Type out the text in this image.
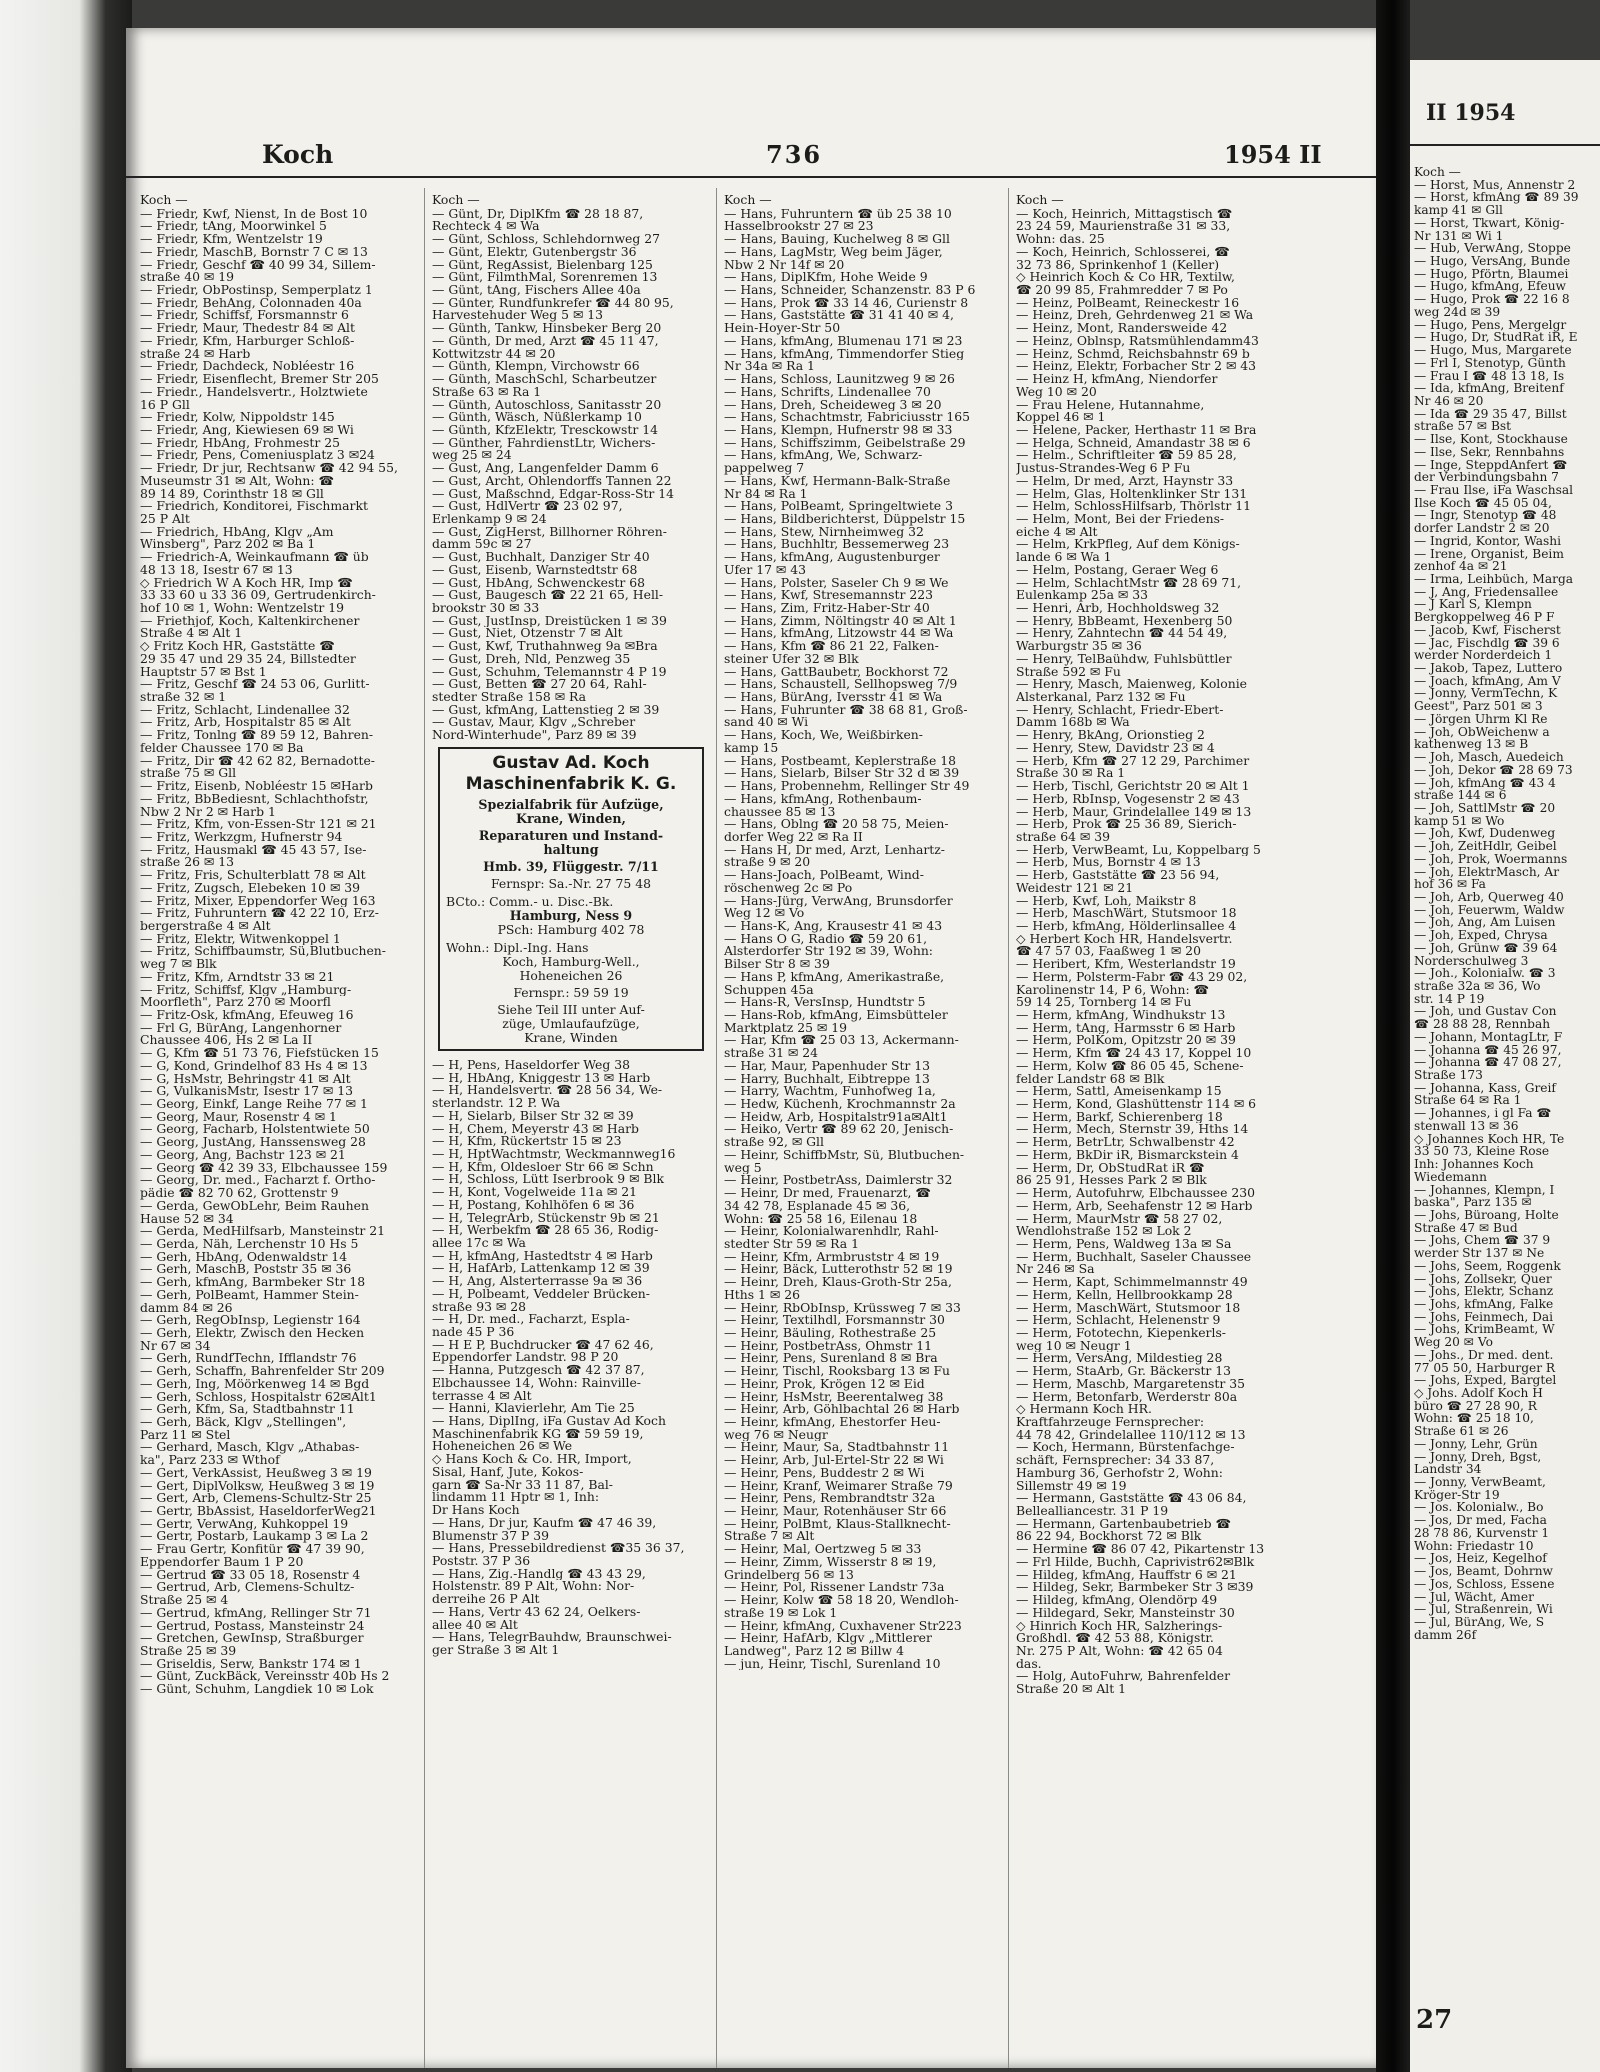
Koch	736	1954 II
Koch —
— Friedr, Kwf, Nienst, In de Bost 10
— Friedr, tAng, Moorwinkel 5
— Friedr, Kfm, Wentzelstr 19
— Friedr, MaschB, Bornstr 7 C ✉ 13
— Friedr, Geschf ☎ 40 99 34, Sillem-
straße 40 ✉ 19
— Friedr, ObPostinsp, Semperplatz 1
— Friedr, BehAng, Colonnaden 40a
— Friedr, Schiffsf, Forsmannstr 6
— Friedr, Maur, Thedestr 84 ✉ Alt
— Friedr, Kfm, Harburger Schloß-
straße 24 ✉ Harb
— Friedr, Dachdeck, Nobléestr 16
— Friedr, Eisenflecht, Bremer Str 205
— Friedr., Handelsvertr., Holztwiete
16 P Gll
— Friedr, Kolw, Nippoldstr 145
— Friedr, Ang, Kiewiesen 69 ✉ Wi
— Friedr, HbAng, Frohmestr 25
— Friedr, Pens, Comeniusplatz 3 ✉24
— Friedr, Dr jur, Rechtsanw ☎ 42 94 55,
Museumstr 31 ✉ Alt, Wohn: ☎
89 14 89, Corinthstr 18 ✉ Gll
— Friedrich, Konditorei, Fischmarkt
25 P Alt
— Friedrich, HbAng, Klgv „Am
Winsberg", Parz 202 ✉ Ba 1
— Friedrich-A, Weinkaufmann ☎ üb
48 13 18, Isestr 67 ✉ 13
◇ Friedrich W A Koch HR, Imp ☎
33 33 60 u 33 36 09, Gertrudenkirch-
hof 10 ✉ 1, Wohn: Wentzelstr 19
— Friethjof, Koch, Kaltenkirchener
Straße 4 ✉ Alt 1
◇ Fritz Koch HR, Gaststätte ☎
29 35 47 und 29 35 24, Billstedter
Hauptstr 57 ✉ Bst 1
— Fritz, Geschf ☎ 24 53 06, Gurlitt-
straße 32 ✉ 1
— Fritz, Schlacht, Lindenallee 32
— Fritz, Arb, Hospitalstr 85 ✉ Alt
— Fritz, Tonlng ☎ 89 59 12, Bahren-
felder Chaussee 170 ✉ Ba
— Fritz, Dir ☎ 42 62 82, Bernadotte-
straße 75 ✉ Gll
— Fritz, Eisenb, Nobléestr 15 ✉Harb
— Fritz, BbBediesnt, Schlachthofstr,
Nbw 2 Nr 2 ✉ Harb 1
— Fritz, Kfm, von-Essen-Str 121 ✉ 21
— Fritz, Werkzgm, Hufnerstr 94
— Fritz, Hausmakl ☎ 45 43 57, Ise-
straße 26 ✉ 13
— Fritz, Fris, Schulterblatt 78 ✉ Alt
— Fritz, Zugsch, Elebeken 10 ✉ 39
— Fritz, Mixer, Eppendorfer Weg 163
— Fritz, Fuhruntern ☎ 42 22 10, Erz-
bergerstraße 4 ✉ Alt
— Fritz, Elektr, Witwenkoppel 1
— Fritz, Schiffbaumstr, Sü,Blutbuchen-
weg 7 ✉ Blk
— Fritz, Kfm, Arndtstr 33 ✉ 21
— Fritz, Schiffsf, Klgv „Hamburg-
Moorfleth", Parz 270 ✉ Moorfl
— Fritz-Osk, kfmAng, Efeuweg 16
— Frl G, BürAng, Langenhorner
Chaussee 406, Hs 2 ✉ La II
— G, Kfm ☎ 51 73 76, Fiefstücken 15
— G, Kond, Grindelhof 83 Hs 4 ✉ 13
— G, HsMstr, Behringstr 41 ✉ Alt
— G, VulkanisMstr, Isestr 17 ✉ 13
— Georg, Einkf, Lange Reihe 77 ✉ 1
— Georg, Maur, Rosenstr 4 ✉ 1
— Georg, Facharb, Holstentwiete 50
— Georg, JustAng, Hanssensweg 28
— Georg, Ang, Bachstr 123 ✉ 21
— Georg ☎ 42 39 33, Elbchaussee 159
— Georg, Dr. med., Facharzt f. Ortho-
pädie ☎ 82 70 62, Grottenstr 9
— Gerda, GewObLehr, Beim Rauhen
Hause 52 ✉ 34
— Gerda, MedHilfsarb, Mansteinstr 21
— Gerda, Näh, Lerchenstr 10 Hs 5
— Gerh, HbAng, Odenwaldstr 14
— Gerh, MaschB, Poststr 35 ✉ 36
— Gerh, kfmAng, Barmbeker Str 18
— Gerh, PolBeamt, Hammer Stein-
damm 84 ✉ 26
— Gerh, RegObInsp, Legienstr 164
— Gerh, Elektr, Zwisch den Hecken
Nr 67 ✉ 34
— Gerh, RundfTechn, Ifflandstr 76
— Gerh, Schaffn, Bahrenfelder Str 209
— Gerh, Ing, Möörkenweg 14 ✉ Bgd
— Gerh, Schloss, Hospitalstr 62✉Alt1
— Gerh, Kfm, Sa, Stadtbahnstr 11
— Gerh, Bäck, Klgv „Stellingen",
Parz 11 ✉ Stel
— Gerhard, Masch, Klgv „Athabas-
ka", Parz 233 ✉ Wthof
— Gert, VerkAssist, Heußweg 3 ✉ 19
— Gert, DiplVolksw, Heußweg 3 ✉ 19
— Gert, Arb, Clemens-Schultz-Str 25
— Gertr, BbAssist, HaseldorferWeg21
— Gertr, VerwAng, Kuhkoppel 19
— Gertr, Postarb, Laukamp 3 ✉ La 2
— Frau Gertr, Konfitür ☎ 47 39 90,
Eppendorfer Baum 1 P 20
— Gertrud ☎ 33 05 18, Rosenstr 4
— Gertrud, Arb, Clemens-Schultz-
Straße 25 ✉ 4
— Gertrud, kfmAng, Rellinger Str 71
— Gertrud, Postass, Mansteinstr 24
— Gretchen, GewInsp, Straßburger
Straße 25 ✉ 39
— Griseldis, Serw, Bankstr 174 ✉ 1
— Günt, ZuckBäck, Vereinsstr 40b Hs 2
— Günt, Schuhm, Langdiek 10 ✉ Lok
Koch —
— Günt, Dr, DiplKfm ☎ 28 18 87,
Rechteck 4 ✉ Wa
— Günt, Schloss, Schlehdornweg 27
— Günt, Elektr, Gutenbergstr 36
— Günt, RegAssist, Bielenbarg 125
— Günt, FilmthMal, Sorenremen 13
— Günt, tAng, Fischers Allee 40a
— Günter, Rundfunkrefer ☎ 44 80 95,
Harvestehuder Weg 5 ✉ 13
— Günth, Tankw, Hinsbeker Berg 20
— Günth, Dr med, Arzt ☎ 45 11 47,
Kottwitzstr 44 ✉ 20
— Günth, Klempn, Virchowstr 66
— Günth, MaschSchl, Scharbeutzer
Straße 63 ✉ Ra 1
— Günth, Autoschloss, Sanitasstr 20
— Günth, Wäsch, Nüßlerkamp 10
— Günth, KfzElektr, Tresckowstr 14
— Günther, FahrdienstLtr, Wichers-
weg 25 ✉ 24
— Gust, Ang, Langenfelder Damm 6
— Gust, Archt, Ohlendorffs Tannen 22
— Gust, Maßschnd, Edgar-Ross-Str 14
— Gust, HdlVertr ☎ 23 02 97,
Erlenkamp 9 ✉ 24
— Gust, ZigHerst, Billhorner Röhren-
damm 59c ✉ 27
— Gust, Buchhalt, Danziger Str 40
— Gust, Eisenb, Warnstedtstr 68
— Gust, HbAng, Schwenckestr 68
— Gust, Baugesch ☎ 22 21 65, Hell-
brookstr 30 ✉ 33
— Gust, JustInsp, Dreistücken 1 ✉ 39
— Gust, Niet, Otzenstr 7 ✉ Alt
— Gust, Kwf, Truthahnweg 9a ✉Bra
— Gust, Dreh, Nld, Penzweg 35
— Gust, Schuhm, Telemannstr 4 P 19
— Gust, Betten ☎ 27 20 64, Rahl-
stedter Straße 158 ✉ Ra
— Gust, kfmAng, Lattenstieg 2 ✉ 39
— Gustav, Maur, Klgv „Schreber
Nord-Winterhude", Parz 89 ✉ 39
Gustav Ad. Koch
Maschinenfabrik K. G.
Spezialfabrik für Aufzüge,
Krane, Winden,
Reparaturen und Instand-
haltung
Hmb. 39, Flüggestr. 7/11
Fernspr: Sa.-Nr. 27 75 48
BCto.: Comm.- u. Disc.-Bk.
Hamburg, Ness 9
PSch: Hamburg 402 78
Wohn.: Dipl.-Ing. Hans
Koch, Hamburg-Well.,
Hoheneichen 26
Fernspr.: 59 59 19
Siehe Teil III unter Auf-
züge, Umlaufaufzüge,
Krane, Winden
— H, Pens, Haseldorfer Weg 38
— H, HbAng, Kniggestr 13 ✉ Harb
— H, Handelsvertr. ☎ 28 56 34, We-
sterlandstr. 12 P. Wa
— H, Sielarb, Bilser Str 32 ✉ 39
— H, Chem, Meyerstr 43 ✉ Harb
— H, Kfm, Rückertstr 15 ✉ 23
— H, HptWachtmstr, Weckmannweg16
— H, Kfm, Oldesloer Str 66 ✉ Schn
— H, Schloss, Lütt Iserbrook 9 ✉ Blk
— H, Kont, Vogelweide 11a ✉ 21
— H, Postang, Kohlhöfen 6 ✉ 36
— H, TelegrArb, Stückenstr 9b ✉ 21
— H, Werbekfm ☎ 28 65 36, Rodig-
allee 17c ✉ Wa
— H, kfmAng, Hastedtstr 4 ✉ Harb
— H, HafArb, Lattenkamp 12 ✉ 39
— H, Ang, Alsterterrasse 9a ✉ 36
— H, Polbeamt, Veddeler Brücken-
straße 93 ✉ 28
— H, Dr. med., Facharzt, Espla-
nade 45 P 36
— H E P, Buchdrucker ☎ 47 62 46,
Eppendorfer Landstr. 98 P 20
— Hanna, Putzgesch ☎ 42 37 87,
Elbchaussee 14, Wohn: Rainville-
terrasse 4 ✉ Alt
— Hanni, Klavierlehr, Am Tie 25
— Hans, DiplIng, iFa Gustav Ad Koch
Maschinenfabrik KG ☎ 59 59 19,
Hoheneichen 26 ✉ We
◇ Hans Koch & Co. HR, Import,
Sisal, Hanf, Jute, Kokos-
garn ☎ Sa-Nr 33 11 87, Bal-
lindamm 11 Hptr ✉ 1, Inh:
Dr Hans Koch
— Hans, Dr jur, Kaufm ☎ 47 46 39,
Blumenstr 37 P 39
— Hans, Pressebildredienst ☎35 36 37,
Poststr. 37 P 36
— Hans, Zig.-Handlg ☎ 43 43 29,
Holstenstr. 89 P Alt, Wohn: Nor-
derreihe 26 P Alt
— Hans, Vertr 43 62 24, Oelkers-
allee 40 ✉ Alt
— Hans, TelegrBauhdw, Braunschwei-
ger Straße 3 ✉ Alt 1
Koch —
— Hans, Fuhruntern ☎ üb 25 38 10
Hasselbrookstr 27 ✉ 23
— Hans, Bauing, Kuchelweg 8 ✉ Gll
— Hans, LagMstr, Weg beim Jäger,
Nbw 2 Nr 14f ✉ 20
— Hans, DiplKfm, Hohe Weide 9
— Hans, Schneider, Schanzenstr. 83 P 6
— Hans, Prok ☎ 33 14 46, Curienstr 8
— Hans, Gaststätte ☎ 31 41 40 ✉ 4,
Hein-Hoyer-Str 50
— Hans, kfmAng, Blumenau 171 ✉ 23
— Hans, kfmAng, Timmendorfer Stieg
Nr 34a ✉ Ra 1
— Hans, Schloss, Launitzweg 9 ✉ 26
— Hans, Schrifts, Lindenallee 70
— Hans, Dreh, Scheideweg 3 ✉ 20
— Hans, Schachtmstr, Fabriciusstr 165
— Hans, Klempn, Hufnerstr 98 ✉ 33
— Hans, Schiffszimm, Geibelstraße 29
— Hans, kfmAng, We, Schwarz-
pappelweg 7
— Hans, Kwf, Hermann-Balk-Straße
Nr 84 ✉ Ra 1
— Hans, PolBeamt, Springeltwiete 3
— Hans, Bildberichterst, Düppelstr 15
— Hans, Stew, Nirnheimweg 32
— Hans, Buchhltr, Bessemerweg 23
— Hans, kfmAng, Augustenburger
Ufer 17 ✉ 43
— Hans, Polster, Saseler Ch 9 ✉ We
— Hans, Kwf, Stresemannstr 223
— Hans, Zim, Fritz-Haber-Str 40
— Hans, Zimm, Nöltingstr 40 ✉ Alt 1
— Hans, kfmAng, Litzowstr 44 ✉ Wa
— Hans, Kfm ☎ 86 21 22, Falken-
steiner Ufer 32 ✉ Blk
— Hans, GattBaubetr, Bockhorst 72
— Hans, Schaustell, Sellhopsweg 7/9
— Hans, BürAng, Iversstr 41 ✉ Wa
— Hans, Fuhrunter ☎ 38 68 81, Groß-
sand 40 ✉ Wi
— Hans, Koch, We, Weißbirken-
kamp 15
— Hans, Postbeamt, Keplerstraße 18
— Hans, Sielarb, Bilser Str 32 d ✉ 39
— Hans, Probennehm, Rellinger Str 49
— Hans, kfmAng, Rothenbaum-
chaussee 85 ✉ 13
— Hans, Oblng ☎ 20 58 75, Meien-
dorfer Weg 22 ✉ Ra II
— Hans H, Dr med, Arzt, Lenhartz-
straße 9 ✉ 20
— Hans-Joach, PolBeamt, Wind-
röschenweg 2c ✉ Po
— Hans-Jürg, VerwAng, Brunsdorfer
Weg 12 ✉ Vo
— Hans-K, Ang, Krausestr 41 ✉ 43
— Hans O G, Radio ☎ 59 20 61,
Alsterdorfer Str 192 ✉ 39, Wohn:
Bilser Str 8 ✉ 39
— Hans P, kfmAng, Amerikastraße,
Schuppen 45a
— Hans-R, VersInsp, Hundtstr 5
— Hans-Rob, kfmAng, Eimsbütteler
Marktplatz 25 ✉ 19
— Har, Kfm ☎ 25 03 13, Ackermann-
straße 31 ✉ 24
— Har, Maur, Papenhuder Str 13
— Harry, Buchhalt, Eibtreppe 13
— Harry, Wachtm, Funhofweg 1a,
— Hedw, Küchenh, Krochmannstr 2a
— Heidw, Arb, Hospitalstr91a✉Alt1
— Heiko, Vertr ☎ 89 62 20, Jenisch-
straße 92, ✉ Gll
— Heinr, SchiffbMstr, Sü, Blutbuchen-
weg 5
— Heinr, PostbetrAss, Daimlerstr 32
— Heinr, Dr med, Frauenarzt, ☎
34 42 78, Esplanade 45 ✉ 36,
Wohn: ☎ 25 58 16, Eilenau 18
— Heinr, Kolonialwarenhdlr, Rahl-
stedter Str 59 ✉ Ra 1
— Heinr, Kfm, Armbruststr 4 ✉ 19
— Heinr, Bäck, Lutterothstr 52 ✉ 19
— Heinr, Dreh, Klaus-Groth-Str 25a,
Hths 1 ✉ 26
— Heinr, RbObInsp, Krüssweg 7 ✉ 33
— Heinr, Textilhdl, Forsmannstr 30
— Heinr, Bäuling, Rothestraße 25
— Heinr, PostbetrAss, Ohmstr 11
— Heinr, Pens, Surenland 8 ✉ Bra
— Heinr, Tischl, Rooksbarg 13 ✉ Fu
— Heinr, Prok, Krögen 12 ✉ Eid
— Heinr, HsMstr, Beerentalweg 38
— Heinr, Arb, Göhlbachtal 26 ✉ Harb
— Heinr, kfmAng, Ehestorfer Heu-
weg 76 ✉ Neugr
— Heinr, Maur, Sa, Stadtbahnstr 11
— Heinr, Arb, Jul-Ertel-Str 22 ✉ Wi
— Heinr, Pens, Buddestr 2 ✉ Wi
— Heinr, Kranf, Weimarer Straße 79
— Heinr, Pens, Rembrandtstr 32a
— Heinr, Maur, Rotenhäuser Str 66
— Heinr, PolBmt, Klaus-Stallknecht-
Straße 7 ✉ Alt
— Heinr, Mal, Oertzweg 5 ✉ 33
— Heinr, Zimm, Wisserstr 8 ✉ 19,
Grindelberg 56 ✉ 13
— Heinr, Pol, Rissener Landstr 73a
— Heinr, Kolw ☎ 58 18 20, Wendloh-
straße 19 ✉ Lok 1
— Heinr, kfmAng, Cuxhavener Str223
— Heinr, HafArb, Klgv „Mittlerer
Landweg", Parz 12 ✉ Billw 4
— jun, Heinr, Tischl, Surenland 10
Koch —
— Koch, Heinrich, Mittagstisch ☎
23 24 59, Maurienstraße 31 ✉ 33,
Wohn: das. 25
— Koch, Heinrich, Schlosserei, ☎
32 73 86, Sprinkenhof 1 (Keller)
◇ Heinrich Koch & Co HR, Textilw,
☎ 20 99 85, Frahmredder 7 ✉ Po
— Heinz, PolBeamt, Reineckestr 16
— Heinz, Dreh, Gehrdenweg 21 ✉ Wa
— Heinz, Mont, Randersweide 42
— Heinz, Oblnsp, Ratsmühlendamm43
— Heinz, Schmd, Reichsbahnstr 69 b
— Heinz, Elektr, Forbacher Str 2 ✉ 43
— Heinz H, kfmAng, Niendorfer
Weg 10 ✉ 20
— Frau Helene, Hutannahme,
Koppel 46 ✉ 1
— Helene, Packer, Herthastr 11 ✉ Bra
— Helga, Schneid, Amandastr 38 ✉ 6
— Helm., Schriftleiter ☎ 59 85 28,
Justus-Strandes-Weg 6 P Fu
— Helm, Dr med, Arzt, Haynstr 33
— Helm, Glas, Holtenklinker Str 131
— Helm, SchlossHilfsarb, Thörlstr 11
— Helm, Mont, Bei der Friedens-
eiche 4 ✉ Alt
— Helm, KrkPfleg, Auf dem Königs-
lande 6 ✉ Wa 1
— Helm, Postang, Geraer Weg 6
— Helm, SchlachtMstr ☎ 28 69 71,
Eulenkamp 25a ✉ 33
— Henri, Arb, Hochholdsweg 32
— Henry, BbBeamt, Hexenberg 50
— Henry, Zahntechn ☎ 44 54 49,
Warburgstr 35 ✉ 36
— Henry, TelBaühdw, Fuhlsbüttler
Straße 592 ✉ Fu
— Henry, Masch, Maienweg, Kolonie
Alsterkanal, Parz 132 ✉ Fu
— Henry, Schlacht, Friedr-Ebert-
Damm 168b ✉ Wa
— Henry, BkAng, Orionstieg 2
— Henry, Stew, Davidstr 23 ✉ 4
— Herb, Kfm ☎ 27 12 29, Parchimer
Straße 30 ✉ Ra 1
— Herb, Tischl, Gerichtstr 20 ✉ Alt 1
— Herb, RbInsp, Vogesenstr 2 ✉ 43
— Herb, Maur, Grindelallee 149 ✉ 13
— Herb, Prok ☎ 25 36 89, Sierich-
straße 64 ✉ 39
— Herb, VerwBeamt, Lu, Koppelbarg 5
— Herb, Mus, Bornstr 4 ✉ 13
— Herb, Gaststätte ☎ 23 56 94,
Weidestr 121 ✉ 21
— Herb, Kwf, Loh, Maikstr 8
— Herb, MaschWärt, Stutsmoor 18
— Herb, kfmAng, Hölderlinsallee 4
◇ Herbert Koch HR, Handelsvertr.
☎ 47 57 03, Faaßweg 1 ✉ 20
— Heribert, Kfm, Westerlandstr 19
— Herm, Polsterm-Fabr ☎ 43 29 02,
Karolinenstr 14, P 6, Wohn: ☎
59 14 25, Tornberg 14 ✉ Fu
— Herm, kfmAng, Windhukstr 13
— Herm, tAng, Harmsstr 6 ✉ Harb
— Herm, PolKom, Opitzstr 20 ✉ 39
— Herm, Kfm ☎ 24 43 17, Koppel 10
— Herm, Kolw ☎ 86 05 45, Schene-
felder Landstr 68 ✉ Blk
— Herm, Sattl, Ameisenkamp 15
— Herm, Kond, Glashüttenstr 114 ✉ 6
— Herm, Barkf, Schierenberg 18
— Herm, Mech, Sternstr 39, Hths 14
— Herm, BetrLtr, Schwalbenstr 42
— Herm, BkDir iR, Bismarckstein 4
— Herm, Dr, ObStudRat iR ☎
86 25 91, Hesses Park 2 ✉ Blk
— Herm, Autofuhrw, Elbchaussee 230
— Herm, Arb, Seehafenstr 12 ✉ Harb
— Herm, MaurMstr ☎ 58 27 02,
Wendlohstraße 152 ✉ Lok 2
— Herm, Pens, Waldweg 13a ✉ Sa
— Herm, Buchhalt, Saseler Chaussee
Nr 246 ✉ Sa
— Herm, Kapt, Schimmelmannstr 49
— Herm, Kelln, Hellbrookkamp 28
— Herm, MaschWärt, Stutsmoor 18
— Herm, Schlacht, Helenenstr 9
— Herm, Fototechn, Kiepenkerls-
weg 10 ✉ Neugr 1
— Herm, VersAng, Mildestieg 28
— Herm, StaArb, Gr. Bäckerstr 13
— Herm, Maschb, Margaretenstr 35
— Herm, Betonfarb, Werderstr 80a
◇ Hermann Koch HR.
Kraftfahrzeuge Fernsprecher:
44 78 42, Grindelallee 110/112 ✉ 13
— Koch, Hermann, Bürstenfachge-
schäft, Fernsprecher: 34 33 87,
Hamburg 36, Gerhofstr 2, Wohn:
Sillemstr 49 ✉ 19
— Hermann, Gaststätte ☎ 43 06 84,
Bellealliancestr. 31 P 19
— Hermann, Gartenbaubetrieb ☎
86 22 94, Bockhorst 72 ✉ Blk
— Hermine ☎ 86 07 42, Pikartenstr 13
— Frl Hilde, Buchh, Caprivistr62✉Blk
— Hildeg, kfmAng, Hauffstr 6 ✉ 21
— Hildeg, Sekr, Barmbeker Str 3 ✉39
— Hildeg, kfmAng, Olendörp 49
— Hildegard, Sekr, Mansteinstr 30
◇ Hinrich Koch HR, Salzherings-
Großhdl. ☎ 42 53 88, Königstr.
Nr. 275 P Alt, Wohn: ☎ 42 65 04
das.
— Holg, AutoFuhrw, Bahrenfelder
Straße 20 ✉ Alt 1
II 1954
Koch —
— Horst, Mus, Annenstr 2
— Horst, kfmAng ☎ 89 39
kamp 41 ✉ Gll
— Horst, Tkwart, König-
Nr 131 ✉ Wi 1
— Hub, VerwAng, Stoppe
— Hugo, VersAng, Bunde
— Hugo, Pförtn, Blaumei
— Hugo, kfmAng, Efeuw
— Hugo, Prok ☎ 22 16 8
weg 24d ✉ 39
— Hugo, Pens, Mergelgr
— Hugo, Dr, StudRat iR, E
— Hugo, Mus, Margarete
— Frl I, Stenotyp, Günth
— Frau I ☎ 48 13 18, Is
— Ida, kfmAng, Breitenf
Nr 46 ✉ 20
— Ida ☎ 29 35 47, Billst
straße 57 ✉ Bst
— Ilse, Kont, Stockhause
— Ilse, Sekr, Rennbahns
— Inge, SteppdAnfert ☎
der Verbindungsbahn 7
— Frau Ilse, iFa Waschsal
Ilse Koch ☎ 45 05 04,
— Ingr, Stenotyp ☎ 48
dorfer Landstr 2 ✉ 20
— Ingrid, Kontor, Washi
— Irene, Organist, Beim
zenhof 4a ✉ 21
— Irma, Leihbüch, Marga
— J, Ang, Friedensallee
— J Karl S, Klempn
Bergkoppelweg 46 P F
— Jacob, Kwf, Fischerst
— Jac, Fischdlg ☎ 39 6
werder Norderdeich 1
— Jakob, Tapez, Luttero
— Joach, kfmAng, Am V
— Jonny, VermTechn, K
Geest", Parz 501 ✉ 3
— Jörgen Uhrm Kl Re
— Joh, ObWeichenw a
kathenweg 13 ✉ B
— Joh, Masch, Auedeich
— Joh, Dekor ☎ 28 69 73
— Joh, kfmAng ☎ 43 4
straße 144 ✉ 6
— Joh, SattlMstr ☎ 20
kamp 51 ✉ Wo
— Joh, Kwf, Dudenweg
— Joh, ZeitHdlr, Geibel
— Joh, Prok, Woermanns
— Joh, ElektrMasch, Ar
hof 36 ✉ Fa
— Joh, Arb, Querweg 40
— Joh, Feuerwm, Waldw
— Joh, Ang, Am Luisen
— Joh, Exped, Chrysa
— Joh, Grünw ☎ 39 64
Norderschulweg 3
— Joh., Kolonialw. ☎ 3
straße 32a ✉ 36, Wo
str. 14 P 19
— Joh, und Gustav Con
☎ 28 88 28, Rennbah
— Johann, MontagLtr, F
— Johanna ☎ 45 26 97,
— Johanna ☎ 47 08 27,
Straße 173
— Johanna, Kass, Greif
Straße 64 ✉ Ra 1
— Johannes, i gl Fa ☎
stenwall 13 ✉ 36
◇ Johannes Koch HR, Te
33 50 73, Kleine Rose
Inh: Johannes Koch
Wiedemann
— Johannes, Klempn, I
baska", Parz 135 ✉
— Johs, Büroang, Holte
Straße 47 ✉ Bud
— Johs, Chem ☎ 37 9
werder Str 137 ✉ Ne
— Johs, Seem, Roggenk
— Johs, Zollsekr, Quer
— Johs, Elektr, Schanz
— Johs, kfmAng, Falke
— Johs, Feinmech, Dai
— Johs, KrimBeamt, W
Weg 20 ✉ Vo
— Johs., Dr med. dent.
77 05 50, Harburger R
— Johs, Exped, Bargtel
◇ Johs. Adolf Koch H
büro ☎ 27 28 90, R
Wohn: ☎ 25 18 10,
Straße 61 ✉ 26
— Jonny, Lehr, Grün
— Jonny, Dreh, Bgst,
Landstr 34
— Jonny, VerwBeamt,
Kröger-Str 19
— Jos. Kolonialw., Bo
— Jos, Dr med, Facha
28 78 86, Kurvenstr 1
Wohn: Friedastr 10
— Jos, Heiz, Kegelhof
— Jos, Beamt, Dohrnw
— Jos, Schloss, Essene
— Jul, Wächt, Amer
— Jul, Straßenrein, Wi
— Jul, BürAng, We, S
damm 26f
27
